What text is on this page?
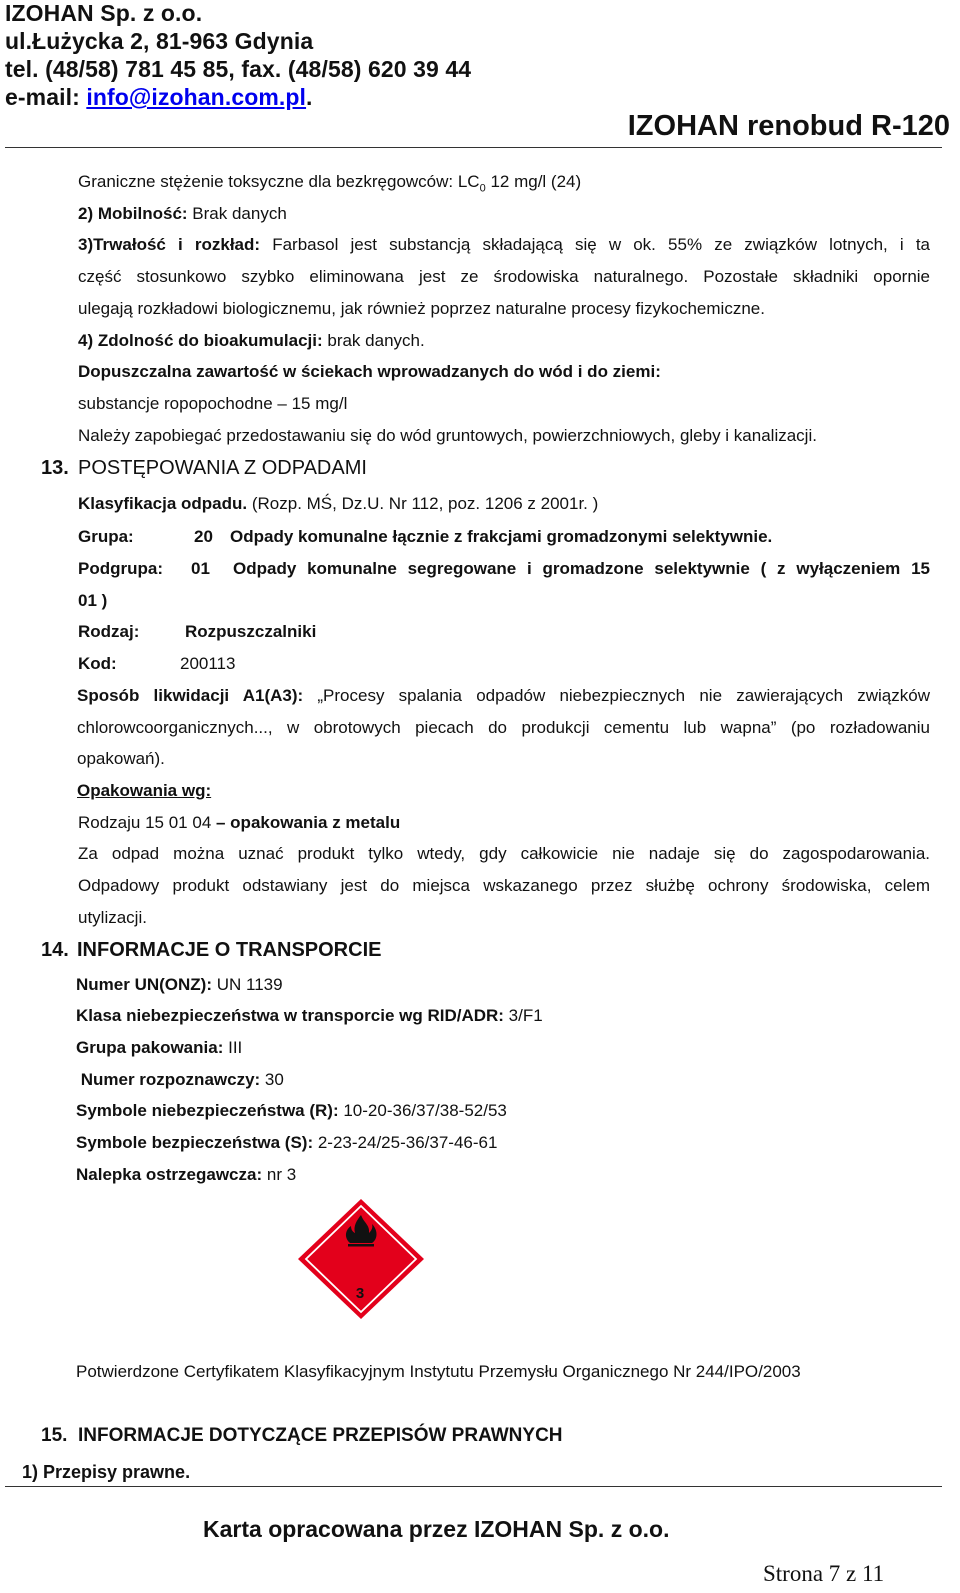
IZOHAN Sp. z o.o.
ul.Łużycka 2, 81-963 Gdynia
tel. (48/58) 781 45 85, fax. (48/58) 620 39 44
e-mail: info@izohan.com.pl.
IZOHAN renobud R-120
Graniczne stężenie toksyczne dla bezkręgowców: $LC_0$ 12 mg/l (24)
2) Mobilność: Brak danych
3)Trwałość i rozkład: Farbasol jest substancją składającą się w ok. 55% ze związków lotnych, i ta
część stosunkowo szybko eliminowana jest ze środowiska naturalnego. Pozostałe składniki opornie
ulegają rozkładowi biologicznemu, jak również poprzez naturalne procesy fizykochemiczne.
4) Zdolność do bioakumulacji: brak danych.
Dopuszczalna zawartość w ściekach wprowadzanych do wód i do ziemi:
substancje ropopochodne – 15 mg/l
Należy zapobiegać przedostawaniu się do wód gruntowych, powierzchniowych, gleby i kanalizacji.
13. POSTĘPOWANIA Z ODPADAMI
Klasyfikacja odpadu. (Rozp. MŚ, Dz.U. Nr 112, poz. 1206 z 2001r. )
Grupa:	20 Odpady komunalne łącznie z frakcjami gromadzonymi selektywnie.
Podgrupa: 01 Odpady komunalne segregowane i gromadzone selektywnie ( z wyłączeniem 15
01 )
Rodzaj:	Rozpuszczalniki
Kod:	200113
Sposób likwidacji A1(A3): „Procesy spalania odpadów niebezpiecznych nie zawierających związków
chlorowcoorganicznych..., w obrotowych piecach do produkcji cementu lub wapna” (po rozładowaniu
opakowań).
Opakowania wg:
Rodzaju 15 01 04 – opakowania z metalu
Za odpad można uznać produkt tylko wtedy, gdy całkowicie nie nadaje się do zagospodarowania.
Odpadowy produkt odstawiany jest do miejsca wskazanego przez służbę ochrony środowiska, celem
utylizacji.
14. INFORMACJE O TRANSPORCIE
Numer UN(ONZ): UN 1139
Klasa niebezpieczeństwa w transporcie wg RID/ADR: 3/F1
Grupa pakowania: III
Numer rozpoznawczy: 30
Symbole niebezpieczeństwa (R): 10-20-36/37/38-52/53
Symbole bezpieczeństwa (S): 2-23-24/25-36/37-46-61
Nalepka ostrzegawcza: nr 3
3
Potwierdzone Certyfikatem Klasyfikacyjnym Instytutu Przemysłu Organicznego Nr 244/IPO/2003
15. INFORMACJE DOTYCZĄCE PRZEPISÓW PRAWNYCH
1) Przepisy prawne.
Karta opracowana przez IZOHAN Sp. z o.o.
Strona 7 z 11
